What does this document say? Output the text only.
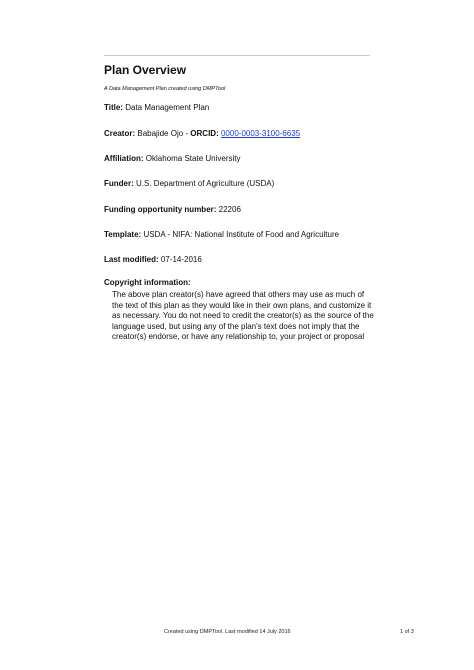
Plan Overview
A Data Management Plan created using DMPTool
Title: Data Management Plan
Creator: Babajide Ojo - ORCID: 0000-0003-3100-6635
Affiliation: Oklahoma State University
Funder: U.S. Department of Agriculture (USDA)
Funding opportunity number: 22206
Template: USDA - NIFA: National Institute of Food and Agriculture
Last modified: 07-14-2016
Copyright information:
The above plan creator(s) have agreed that others may use as much of the text of this plan as they would like in their own plans, and customize it as necessary. You do not need to credit the creator(s) as the source of the language used, but using any of the plan's text does not imply that the creator(s) endorse, or have any relationship to, your project or proposal
Created using DMPTool. Last modified 14 July 2016	1 of 3
